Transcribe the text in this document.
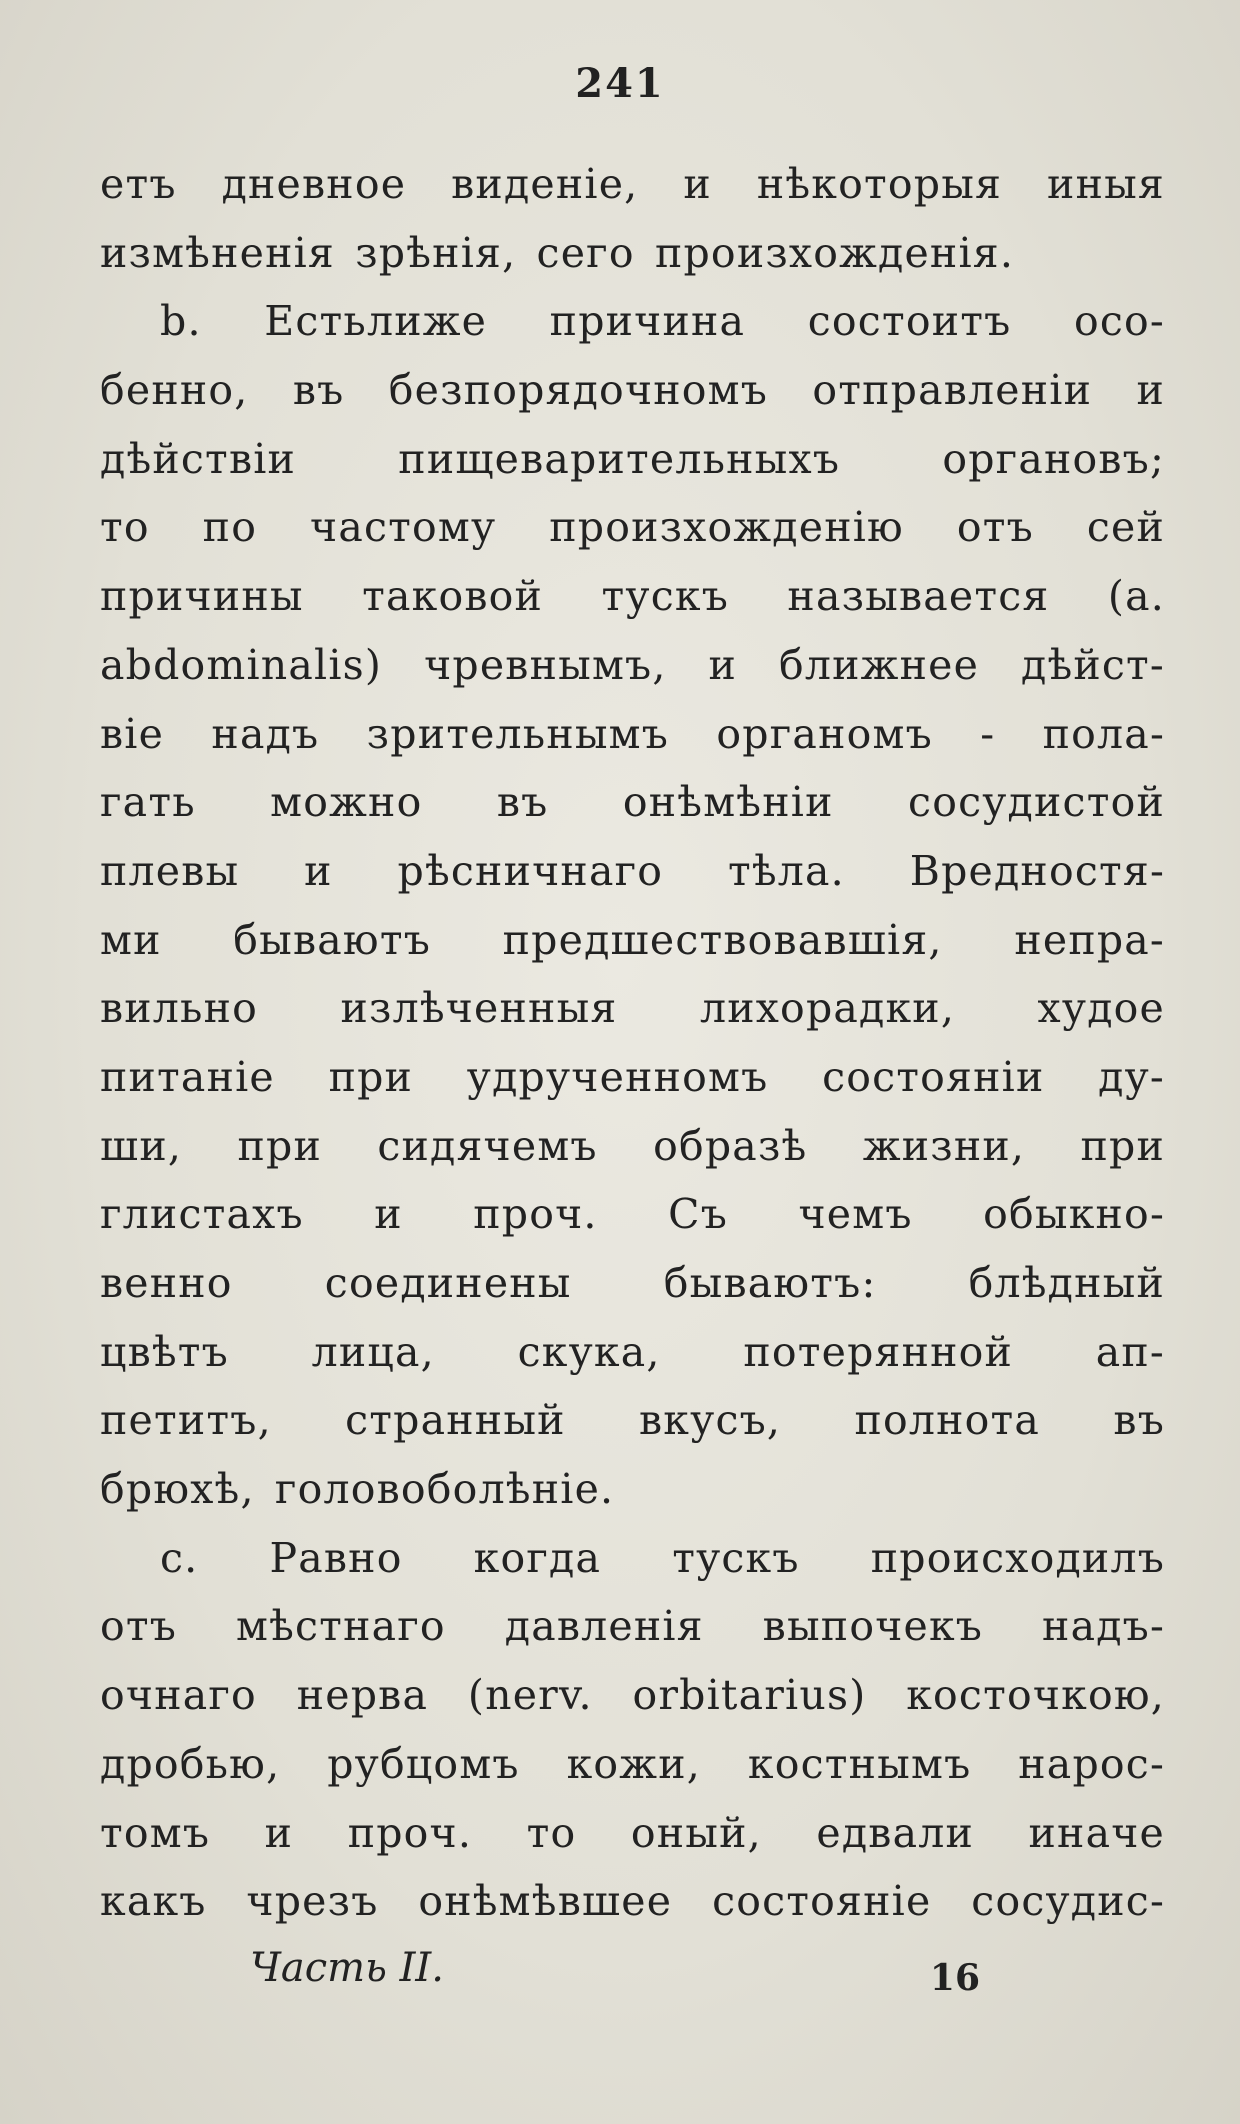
241
етъ дневное виденіе, и нѣкоторыя иныя
измѣненія зрѣнія, сего произхожденія.
b. Естьлиже причина состоитъ осо-
бенно, въ безпорядочномъ отправленіи и
дѣйствіи пищеварительныхъ органовъ;
то по частому произхожденію отъ сей
причины таковой тускъ называется (a.
abdominalis) чревнымъ, и ближнее дѣйст-
віе надъ зрительнымъ органомъ - пола-
гать можно въ онѣмѣніи сосудистой
плевы и рѣсничнаго тѣла. Вредностя-
ми бываютъ предшествовавшія, непра-
вильно излѣченныя лихорадки, худое
питаніе при удрученномъ состояніи ду-
ши, при сидячемъ образѣ жизни, при
глистахъ и проч. Съ чемъ обыкно-
венно соединены бываютъ: блѣдный
цвѣтъ лица, скука, потерянной ап-
петитъ, странный вкусъ, полнота въ
брюхѣ, головоболѣніе.
c. Равно когда тускъ происходилъ
отъ мѣстнаго давленія выпочекъ надъ-
очнаго нерва (nerv. orbitarius) косточкою,
дробью, рубцомъ кожи, костнымъ нарос-
томъ и проч. то оный, едвали иначе
какъ чрезъ онѣмѣвшее состояніе сосудис-
Часть II.	16
